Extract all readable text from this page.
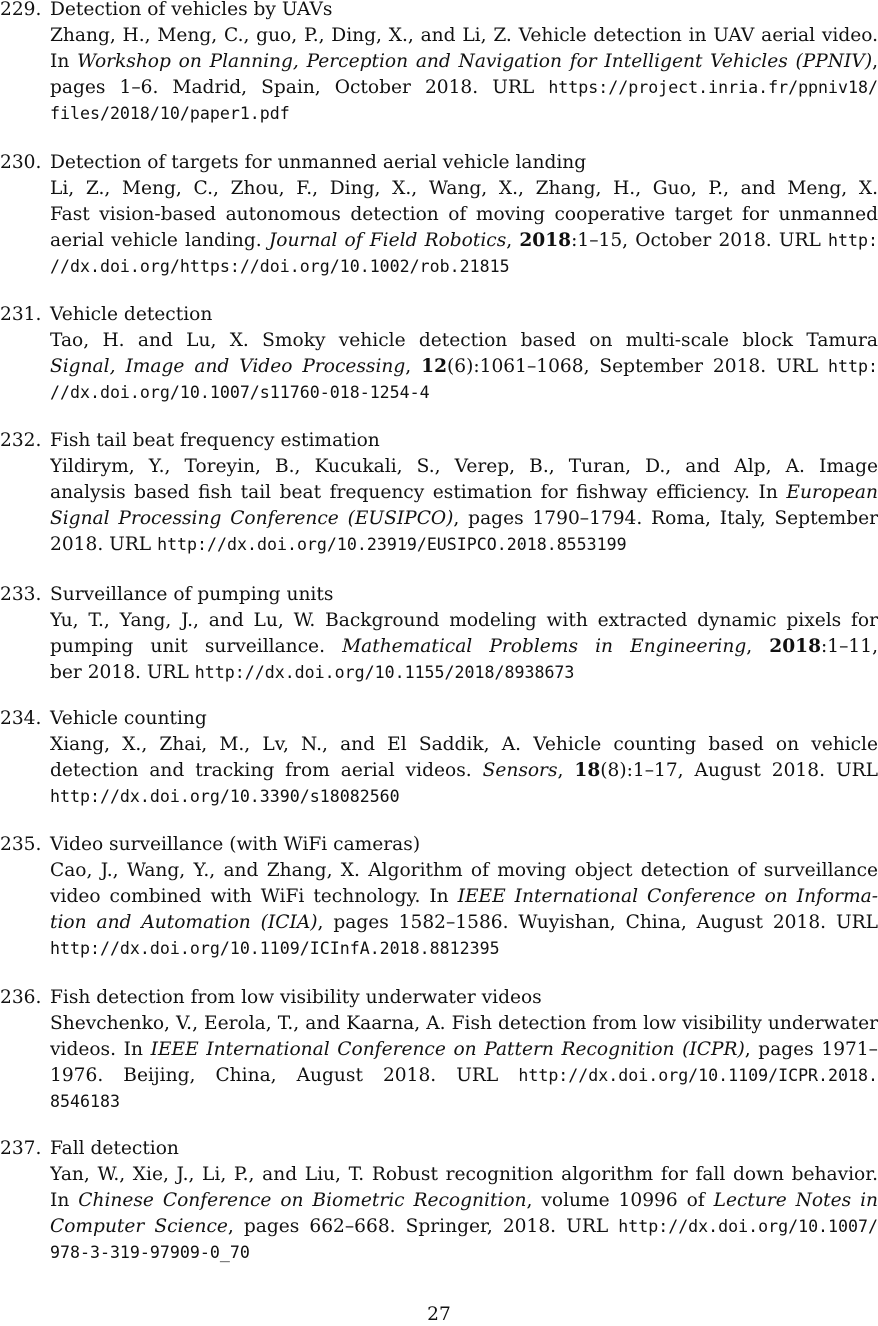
229. Detection of vehicles by UAVs
Zhang, H., Meng, C., guo, P., Ding, X., and Li, Z. Vehicle detection in UAV aerial video.
In Workshop on Planning, Perception and Navigation for Intelligent Vehicles (PPNIV),
pages 1–6. Madrid, Spain, October 2018. URL https://project.inria.fr/ppniv18/
files/2018/10/paper1.pdf
230. Detection of targets for unmanned aerial vehicle landing
Li, Z., Meng, C., Zhou, F., Ding, X., Wang, X., Zhang, H., Guo, P., and Meng, X.
Fast vision-based autonomous detection of moving cooperative target for unmanned
aerial vehicle landing. Journal of Field Robotics, 2018:1–15, October 2018. URL http:
//dx.doi.org/https://doi.org/10.1002/rob.21815
231. Vehicle detection
Tao, H. and Lu, X. Smoky vehicle detection based on multi-scale block Tamura
Signal, Image and Video Processing, 12(6):1061–1068, September 2018. URL http:
//dx.doi.org/10.1007/s11760-018-1254-4
232. Fish tail beat frequency estimation
Yildirym, Y., Toreyin, B., Kucukali, S., Verep, B., Turan, D., and Alp, A. Image
analysis based fish tail beat frequency estimation for fishway efficiency. In European
Signal Processing Conference (EUSIPCO), pages 1790–1794. Roma, Italy, September
2018. URL http://dx.doi.org/10.23919/EUSIPCO.2018.8553199
233. Surveillance of pumping units
Yu, T., Yang, J., and Lu, W. Background modeling with extracted dynamic pixels for
pumping unit surveillance. Mathematical Problems in Engineering, 2018:1–11,
ber 2018. URL http://dx.doi.org/10.1155/2018/8938673
234. Vehicle counting
Xiang, X., Zhai, M., Lv, N., and El Saddik, A. Vehicle counting based on vehicle
detection and tracking from aerial videos. Sensors, 18(8):1–17, August 2018. URL
http://dx.doi.org/10.3390/s18082560
235. Video surveillance (with WiFi cameras)
Cao, J., Wang, Y., and Zhang, X. Algorithm of moving object detection of surveillance
video combined with WiFi technology. In IEEE International Conference on Informa-
tion and Automation (ICIA), pages 1582–1586. Wuyishan, China, August 2018. URL
http://dx.doi.org/10.1109/ICInfA.2018.8812395
236. Fish detection from low visibility underwater videos
Shevchenko, V., Eerola, T., and Kaarna, A. Fish detection from low visibility underwater
videos. In IEEE International Conference on Pattern Recognition (ICPR), pages 1971–
1976. Beijing, China, August 2018. URL http://dx.doi.org/10.1109/ICPR.2018.
8546183
237. Fall detection
Yan, W., Xie, J., Li, P., and Liu, T. Robust recognition algorithm for fall down behavior.
In Chinese Conference on Biometric Recognition, volume 10996 of Lecture Notes in
Computer Science, pages 662–668. Springer, 2018. URL http://dx.doi.org/10.1007/
978-3-319-97909-0_70
27
